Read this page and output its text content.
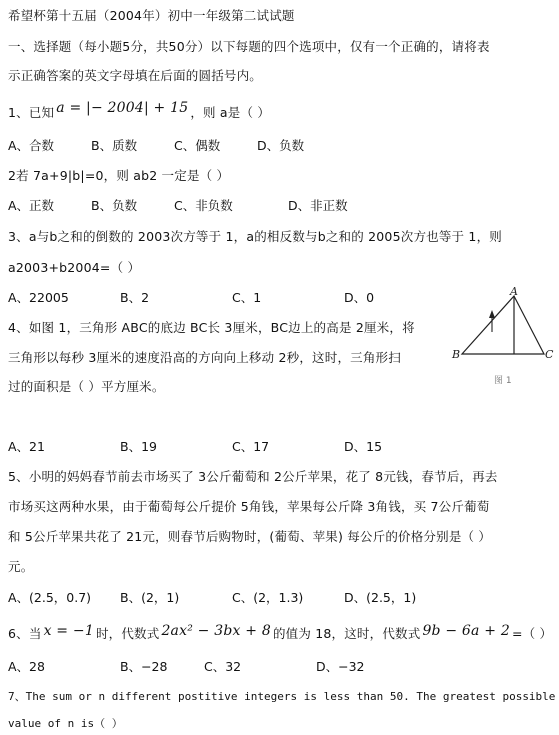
希望杯第十五届（2004年）初中一年级第二试试题
一、选择题（每小题5分，共50分）以下每题的四个选项中，仅有一个正确的，请将表
示正确答案的英文字母填在后面的圆括号内。
1、已知 a = |− 2004| + 15 ，则 a是（ ）
A、合数	B、质数	C、偶数	D、负数
2若 7a+9|b|=0，则 ab2 一定是（ ）
A、正数	B、负数	C、非负数	D、非正数
3、a与b之和的倒数的 2003次方等于 1，a的相反数与b之和的 2005次方也等于 1，则
a2003+b2004=（ ）
A、22005	B、2	C、1	D、0
4、如图 1，三角形 ABC的底边 BC长 3厘米，BC边上的高是 2厘米，将
三角形以每秒 3厘米的速度沿高的方向向上移动 2秒，这时，三角形扫
过的面积是（ ）平方厘米。
A
B	C
图 1
A、21	B、19	C、17	D、15
5、小明的妈妈春节前去市场买了 3公斤葡萄和 2公斤苹果，花了 8元钱，春节后，再去
市场买这两种水果，由于葡萄每公斤提价 5角钱，苹果每公斤降 3角钱，买 7公斤葡萄
和 5公斤苹果共花了 21元，则春节后购物时，(葡萄、苹果) 每公斤的价格分别是（ ）
元。
A、(2.5，0.7) B、(2，1)	C、(2，1.3)	D、(2.5，1)
6、当 x = −1 时，代数式 2ax² − 3bx + 8 的值为 18，这时，代数式 9b − 6a + 2 =（ ）
A、28	B、−28	C、32	D、−32
7、The sum or n different postitive integers is less than 50. The greatest possible
value of n is（ ）
